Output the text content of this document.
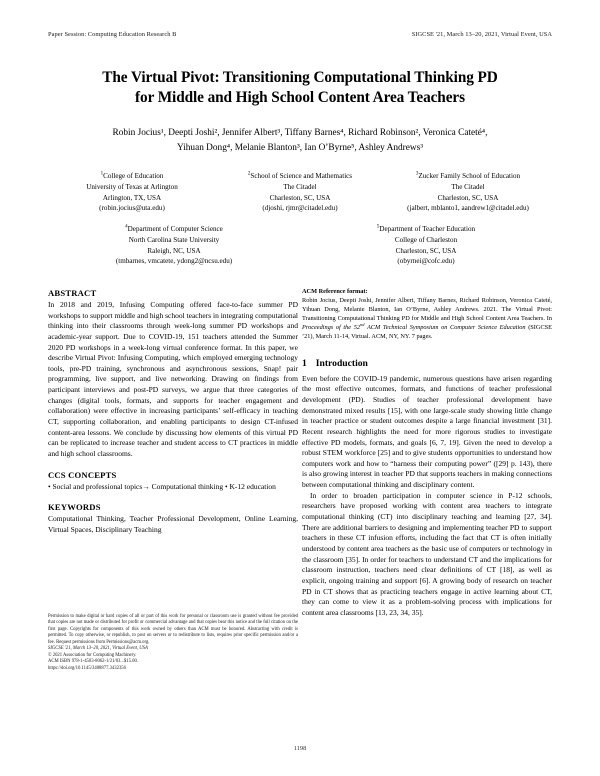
Paper Session: Computing Education Research B	SIGCSE '21, March 13–20, 2021, Virtual Event, USA
The Virtual Pivot: Transitioning Computational Thinking PD
for Middle and High School Content Area Teachers
Robin Jocius¹, Deepti Joshi², Jennifer Albert³, Tiffany Barnes⁴, Richard Robinson², Veronica Cateté⁴,
Yihuan Dong⁴, Melanie Blanton³, Ian O’Byrne⁵, Ashley Andrews³
$^1$College of Education
University of Texas at Arlington
Arlington, TX, USA
(robin.jocius@uta.edu)
$^2$School of Science and Mathematics
The Citadel
Charleston, SC, USA
(djoshi, rjmr@citadel.edu)
$^3$Zucker Family School of Education
The Citadel
Charleston, SC, USA
(jalbert, mblanto1, aandrew1@citadel.edu)
$^4$Department of Computer Science
North Carolina State University
Raleigh, NC, USA
(tmbarnes, vmcatete, ydong2@ncsu.edu)
$^5$Department of Teacher Education
College of Charleston
Charleston, SC, USA
(obyrnei@cofc.edu)
ABSTRACT

In 2018 and 2019, Infusing Computing offered face-to-face summer PD workshops to support middle and high school teachers in integrating computational thinking into their classrooms through week-long summer PD workshops and academic-year support. Due to COVID-19, 151 teachers attended the Summer 2020 PD workshops in a week-long virtual conference format. In this paper, we describe Virtual Pivot: Infusing Computing, which employed emerging technology tools, pre-PD training, synchronous and asynchronous sessions, Snap! pair programming, live support, and live networking. Drawing on findings from participant interviews and post-PD surveys, we argue that three categories of changes (digital tools, formats, and supports for teacher engagement and collaboration) were effective in increasing participants’ self-efficacy in teaching CT, supporting collaboration, and enabling participants to design CT-infused content-area lessons. We conclude by discussing how elements of this virtual PD can be replicated to increase teacher and student access to CT practices in middle and high school classrooms.

CCS CONCEPTS

• Social and professional topics→ Computational thinking • K-12 education

KEYWORDS

Computational Thinking, Teacher Professional Development, Online Learning, Virtual Spaces, Disciplinary Teaching

Permission to make digital or hard copies of all or part of this work for personal or classroom use is granted without fee provided that copies are not made or distributed for profit or commercial advantage and that copies bear this notice and the full citation on the first page. Copyrights for components of this work owned by others than ACM must be honored. Abstracting with credit is permitted. To copy otherwise, or republish, to post on servers or to redistribute to lists, requires prior specific permission and/or a fee. Request permissions from Permissions@acm.org.
SIGCSE '21, March 13–20, 2021, Virtual Event, USA
© 2021 Association for Computing Machinery.
ACM ISBN 978-1-4503-8062-1/21/03...$15.00.
https://doi.org/10.1145/3408877.3432356
ACM Reference format:

Robin Jocius, Deepti Joshi, Jennifer Albert, Tiffany Barnes, Richard Robinson, Veronica Cateté, Yihuan Dong, Melanie Blanton, Ian O’Byrne, Ashley Andrews. 2021. The Virtual Pivot: Transitioning Computational Thinking PD for Middle and High School Content Area Teachers. In Proceedings of the 52nd ACM Technical Symposium on Computer Science Education (SIGCSE ’21), March 11-14, Virtual. ACM, NY, NY. 7 pages.

1 Introduction

Even before the COVID-19 pandemic, numerous questions have arisen regarding the most effective outcomes, formats, and functions of teacher professional development (PD). Studies of teacher professional development have demonstrated mixed results [15], with one large-scale study showing little change in teacher practice or student outcomes despite a large financial investment [31]. Recent research highlights the need for more rigorous studies to investigate effective PD models, formats, and goals [6, 7, 19]. Given the need to develop a robust STEM workforce [25] and to give students opportunities to understand how computers work and how to “harness their computing power” ([29] p. 143), there is also growing interest in teacher PD that supports teachers in making connections between computational thinking and disciplinary content.

In order to broaden participation in computer science in P-12 schools, researchers have proposed working with content area teachers to integrate computational thinking (CT) into disciplinary teaching and learning [27, 34]. There are additional barriers to designing and implementing teacher PD to support teachers in these CT infusion efforts, including the fact that CT is often initially understood by content area teachers as the basic use of computers or technology in the classroom [35]. In order for teachers to understand CT and the implications for classroom instruction, teachers need clear definitions of CT [18], as well as explicit, ongoing training and support [6]. A growing body of research on teacher PD in CT shows that as practicing teachers engage in active learning about CT, they can come to view it as a problem-solving process with implications for content area classrooms [13, 23, 34, 35].

1198
